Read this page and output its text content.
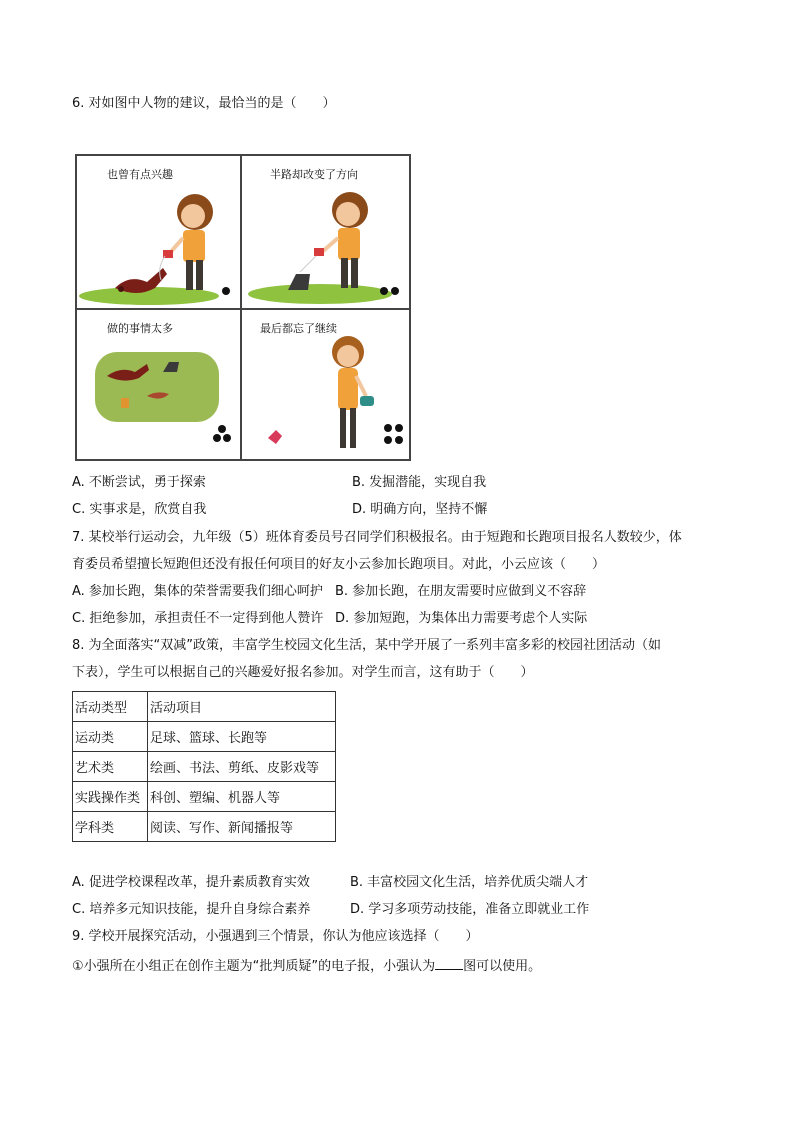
6. 对如图中人物的建议，最恰当的是（　　）
也曾有点兴趣	半路却改变了方向
做的事情太多	最后都忘了继续
A. 不断尝试，勇于探索	B. 发掘潜能，实现自我
C. 实事求是，欣赏自我	D. 明确方向，坚持不懈
7. 某校举行运动会，九年级（5）班体育委员号召同学们积极报名。由于短跑和长跑项目报名人数较少，体
育委员希望擅长短跑但还没有报任何项目的好友小云参加长跑项目。对此，小云应该（　　）
A. 参加长跑，集体的荣誉需要我们细心呵护 B. 参加长跑，在朋友需要时应做到义不容辞
C. 拒绝参加，承担责任不一定得到他人赞许 D. 参加短跑，为集体出力需要考虑个人实际
8. 为全面落实“双减”政策，丰富学生校园文化生活，某中学开展了一系列丰富多彩的校园社团活动（如
下表），学生可以根据自己的兴趣爱好报名参加。对学生而言，这有助于（　　）
活动类型	活动项目
运动类	足球、篮球、长跑等
艺术类	绘画、书法、剪纸、皮影戏等
实践操作类	科创、塑编、机器人等
学科类	阅读、写作、新闻播报等
A. 促进学校课程改革，提升素质教育实效	B. 丰富校园文化生活，培养优质尖端人才
C. 培养多元知识技能，提升自身综合素养	D. 学习多项劳动技能，准备立即就业工作
9. 学校开展探究活动，小强遇到三个情景，你认为他应该选择（　　）
①小强所在小组正在创作主题为“批判质疑”的电子报，小强认为 图可以使用。
